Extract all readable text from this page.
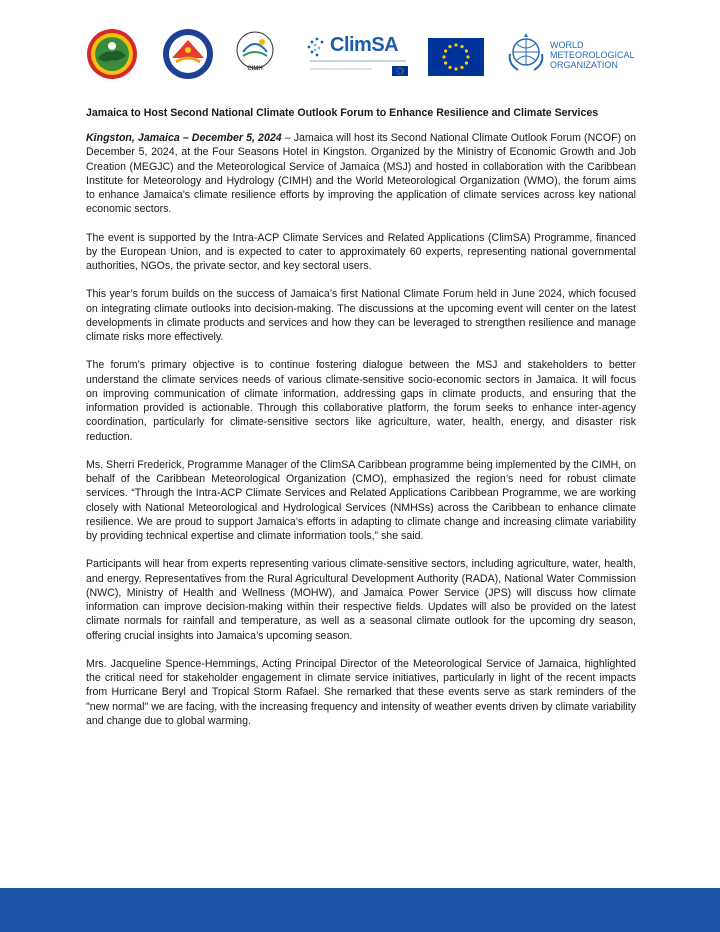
CIMH
ClimSA	WORLD
METEOROLOGICAL
ORGANIZATION
Jamaica to Host Second National Climate Outlook Forum to Enhance Resilience and Climate Services

Kingston, Jamaica – December 5, 2024 – Jamaica will host its Second National Climate Outlook Forum (NCOF) on December 5, 2024, at the Four Seasons Hotel in Kingston. Organized by the Ministry of Economic Growth and Job Creation (MEGJC) and the Meteorological Service of Jamaica (MSJ) and hosted in collaboration with the Caribbean Institute for Meteorology and Hydrology (CIMH) and the World Meteorological Organization (WMO), the forum aims to enhance Jamaica’s climate resilience efforts by improving the application of climate services across key national economic sectors.

The event is supported by the Intra-ACP Climate Services and Related Applications (ClimSA) Programme, financed by the European Union, and is expected to cater to approximately 60 experts, representing national governmental authorities, NGOs, the private sector, and key sectoral users.

This year’s forum builds on the success of Jamaica’s first National Climate Forum held in June 2024, which focused on integrating climate outlooks into decision-making. The discussions at the upcoming event will center on the latest developments in climate products and services and how they can be leveraged to strengthen resilience and manage climate risks more effectively.

The forum’s primary objective is to continue fostering dialogue between the MSJ and stakeholders to better understand the climate services needs of various climate-sensitive socio-economic sectors in Jamaica. It will focus on improving communication of climate information, addressing gaps in climate products, and ensuring that the information provided is actionable. Through this collaborative platform, the forum seeks to enhance inter-agency coordination, particularly for climate-sensitive sectors like agriculture, water, health, energy, and disaster risk reduction.

Ms. Sherri Frederick, Programme Manager of the ClimSA Caribbean programme being implemented by the CIMH, on behalf of the Caribbean Meteorological Organization (CMO), emphasized the region’s need for robust climate services. “Through the Intra-ACP Climate Services and Related Applications Caribbean Programme, we are working closely with National Meteorological and Hydrological Services (NMHSs) across the Caribbean to enhance climate resilience. We are proud to support Jamaica’s efforts in adapting to climate change and increasing climate variability by providing technical expertise and climate information tools,” she said.

Participants will hear from experts representing various climate-sensitive sectors, including agriculture, water, health, and energy. Representatives from the Rural Agricultural Development Authority (RADA), National Water Commission (NWC), Ministry of Health and Wellness (MOHW), and Jamaica Power Service (JPS) will discuss how climate information can improve decision-making within their respective fields. Updates will also be provided on the latest climate normals for rainfall and temperature, as well as a seasonal climate outlook for the upcoming dry season, offering crucial insights into Jamaica’s upcoming season.

Mrs. Jacqueline Spence-Hemmings, Acting Principal Director of the Meteorological Service of Jamaica, highlighted the critical need for stakeholder engagement in climate service initiatives, particularly in light of the recent impacts from Hurricane Beryl and Tropical Storm Rafael. She remarked that these events serve as stark reminders of the "new normal" we are facing, with the increasing frequency and intensity of weather events driven by climate variability and change due to global warming.
